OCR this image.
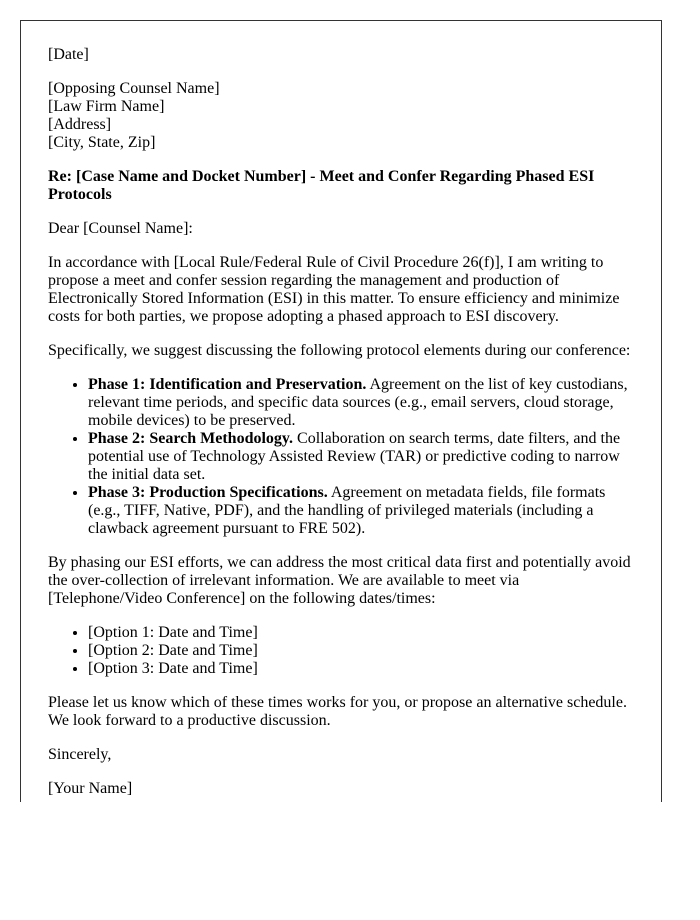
[Date]

[Opposing Counsel Name]
[Law Firm Name]
[Address]
[City, State, Zip]

Re: [Case Name and Docket Number] - Meet and Confer Regarding Phased ESI Protocols

Dear [Counsel Name]:

In accordance with [Local Rule/Federal Rule of Civil Procedure 26(f)], I am writing to propose a meet and confer session regarding the management and production of Electronically Stored Information (ESI) in this matter. To ensure efficiency and minimize costs for both parties, we propose adopting a phased approach to ESI discovery.

Specifically, we suggest discussing the following protocol elements during our conference:

• Phase 1: Identification and Preservation. Agreement on the list of key custodians, relevant time periods, and specific data sources (e.g., email servers, cloud storage, mobile devices) to be preserved.
• Phase 2: Search Methodology. Collaboration on search terms, date filters, and the potential use of Technology Assisted Review (TAR) or predictive coding to narrow the initial data set.
• Phase 3: Production Specifications. Agreement on metadata fields, file formats (e.g., TIFF, Native, PDF), and the handling of privileged materials (including a clawback agreement pursuant to FRE 502).

By phasing our ESI efforts, we can address the most critical data first and potentially avoid the over-collection of irrelevant information. We are available to meet via [Telephone/Video Conference] on the following dates/times:

• [Option 1: Date and Time]
• [Option 2: Date and Time]
• [Option 3: Date and Time]

Please let us know which of these times works for you, or propose an alternative schedule. We look forward to a productive discussion.

Sincerely,

[Your Name]
